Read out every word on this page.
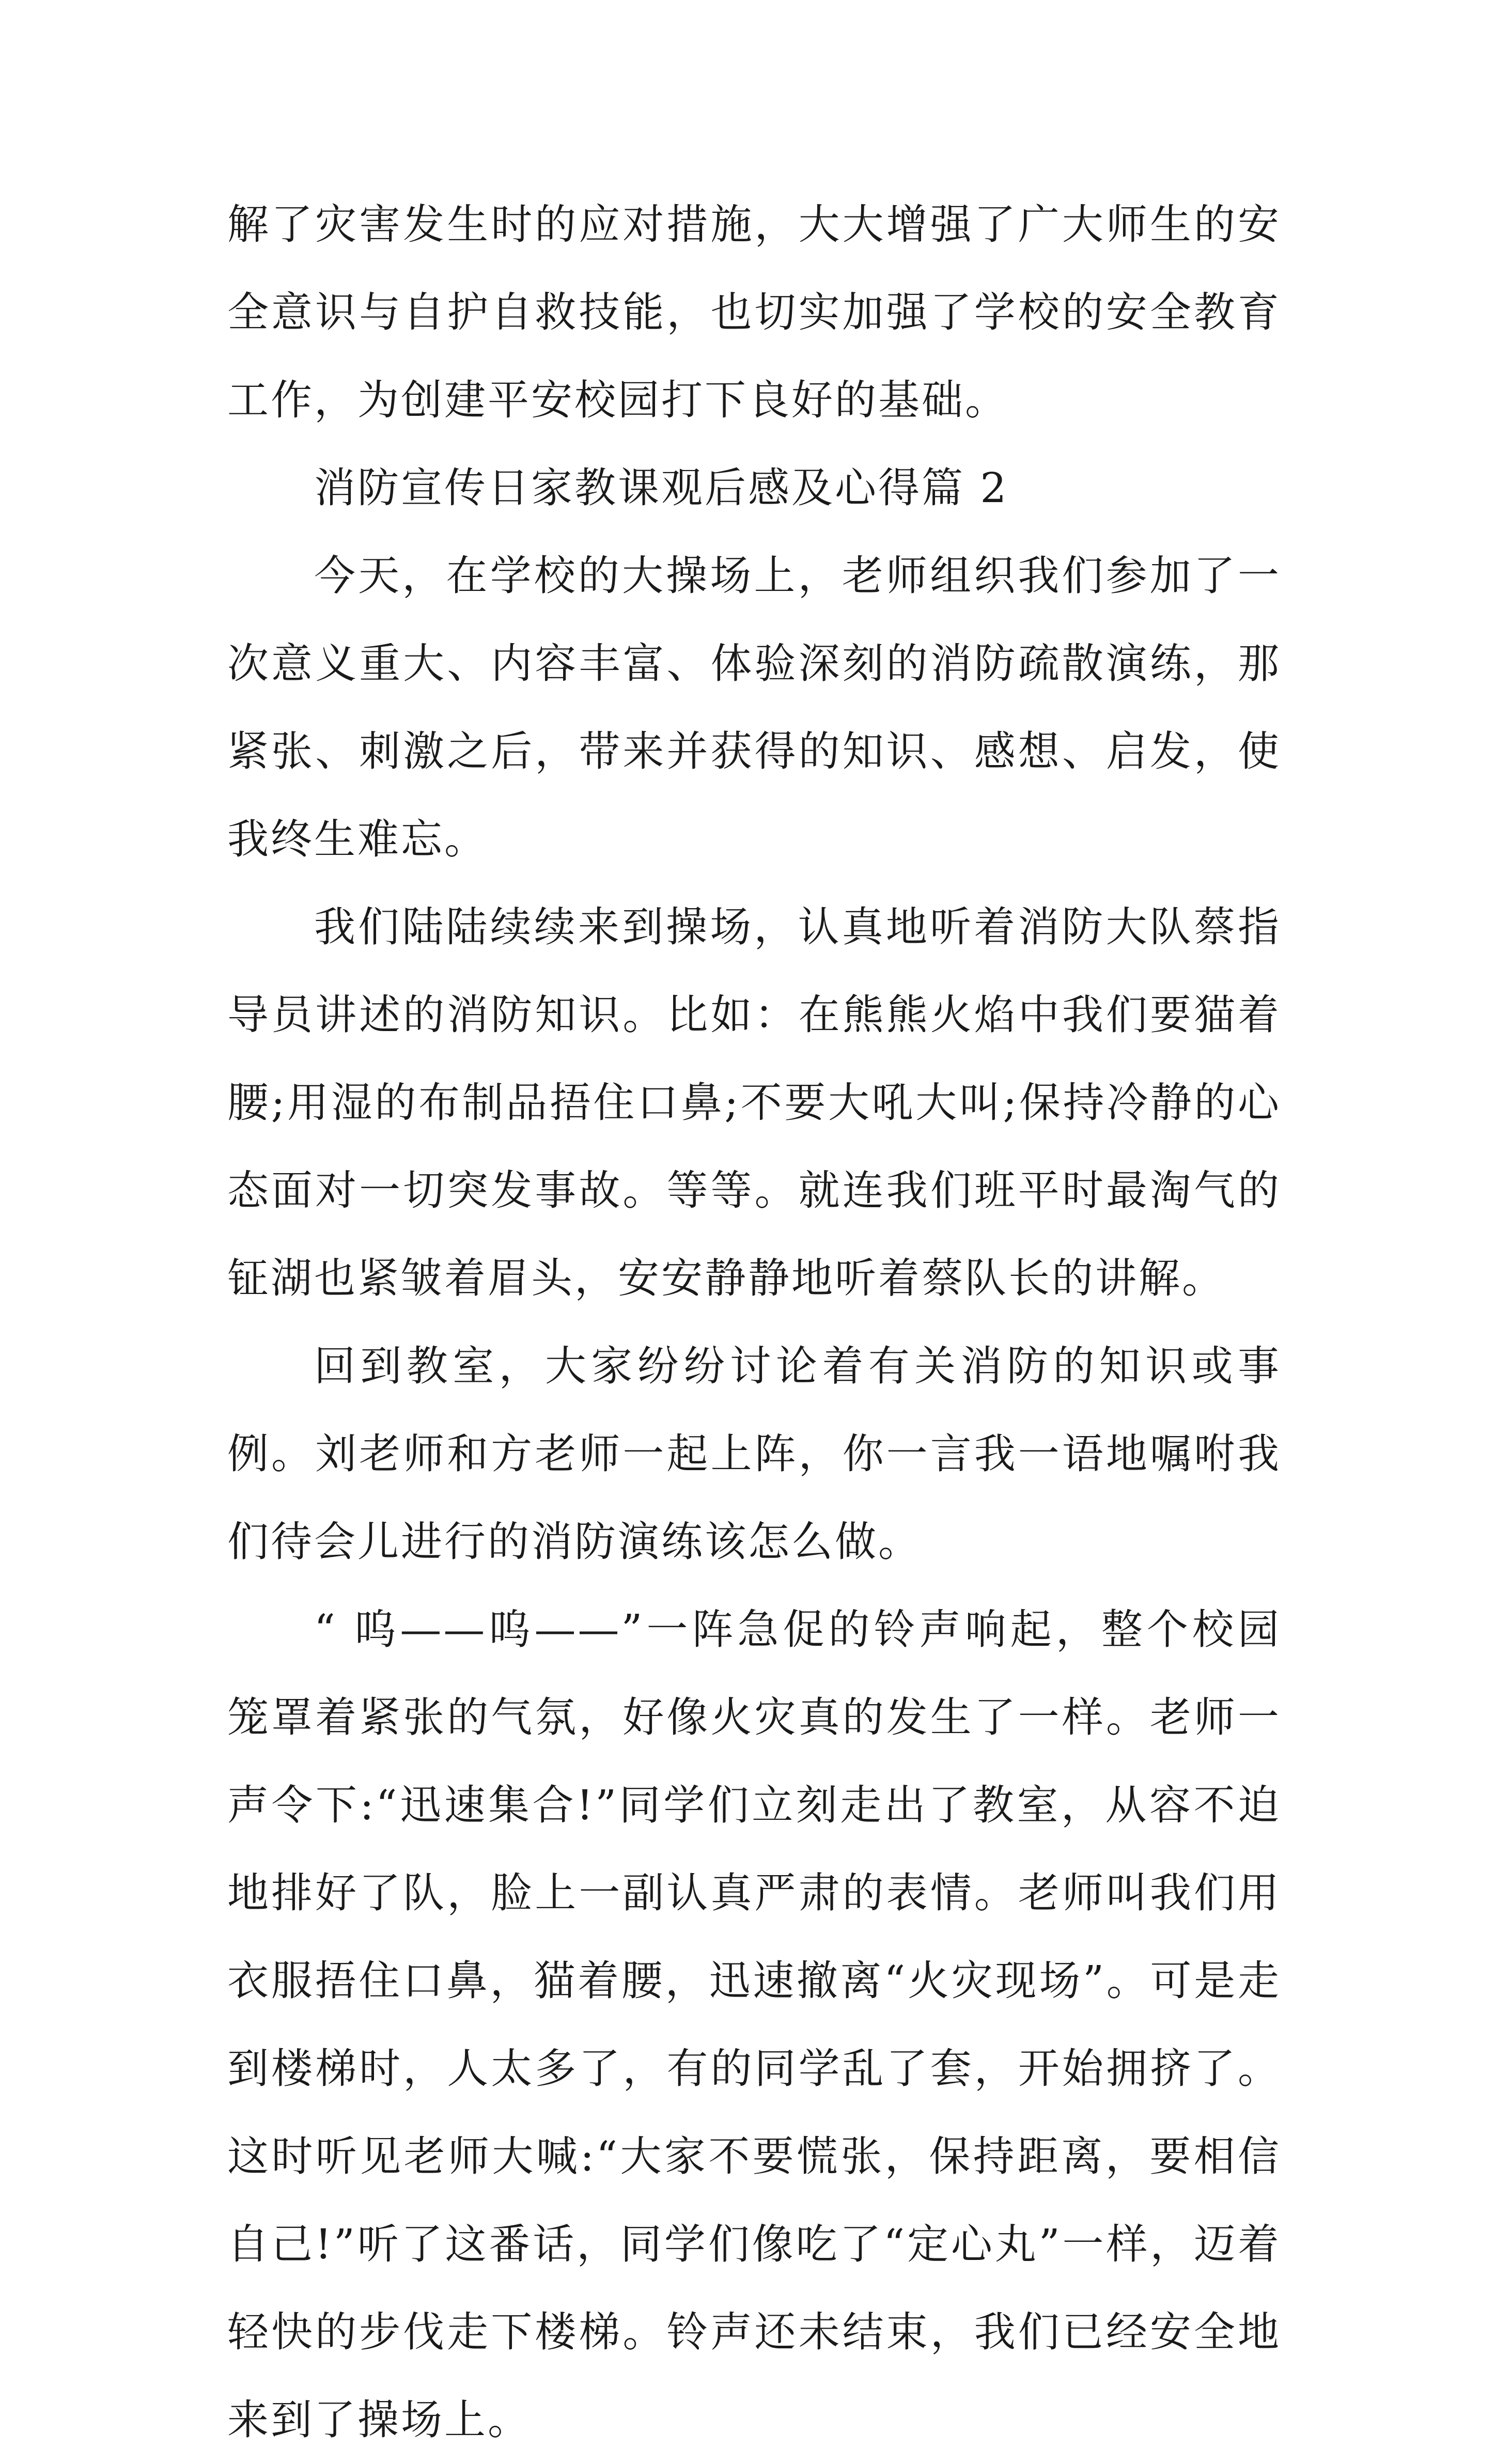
解了灾害发生时的应对措施，大大增强了广大师生的安全意识与自护自救技能，也切实加强了学校的安全教育工作，为创建平安校园打下良好的基础。

消防宣传日家教课观后感及心得篇 2

今天，在学校的大操场上，老师组织我们参加了一次意义重大、内容丰富、体验深刻的消防疏散演练，那紧张、刺激之后，带来并获得的知识、感想、启发，使我终生难忘。

我们陆陆续续来到操场，认真地听着消防大队蔡指导员讲述的消防知识。比如：在熊熊火焰中我们要猫着腰;用湿的布制品捂住口鼻;不要大吼大叫;保持冷静的心态面对一切突发事故。等等。就连我们班平时最淘气的钲湖也紧皱着眉头，安安静静地听着蔡队长的讲解。

回到教室，大家纷纷讨论着有关消防的知识或事例。刘老师和方老师一起上阵，你一言我一语地嘱咐我们待会儿进行的消防演练该怎么做。

“ 呜——呜——”一阵急促的铃声响起，整个校园笼罩着紧张的气氛，好像火灾真的发生了一样。老师一声令下:“迅速集合!”同学们立刻走出了教室，从容不迫地排好了队，脸上一副认真严肃的表情。老师叫我们用衣服捂住口鼻，猫着腰，迅速撤离“火灾现场”。可是走到楼梯时，人太多了，有的同学乱了套，开始拥挤了。这时听见老师大喊:“大家不要慌张，保持距离，要相信自己!”听了这番话，同学们像吃了“定心丸”一样，迈着轻快的步伐走下楼梯。铃声还未结束，我们已经安全地来到了操场上。
